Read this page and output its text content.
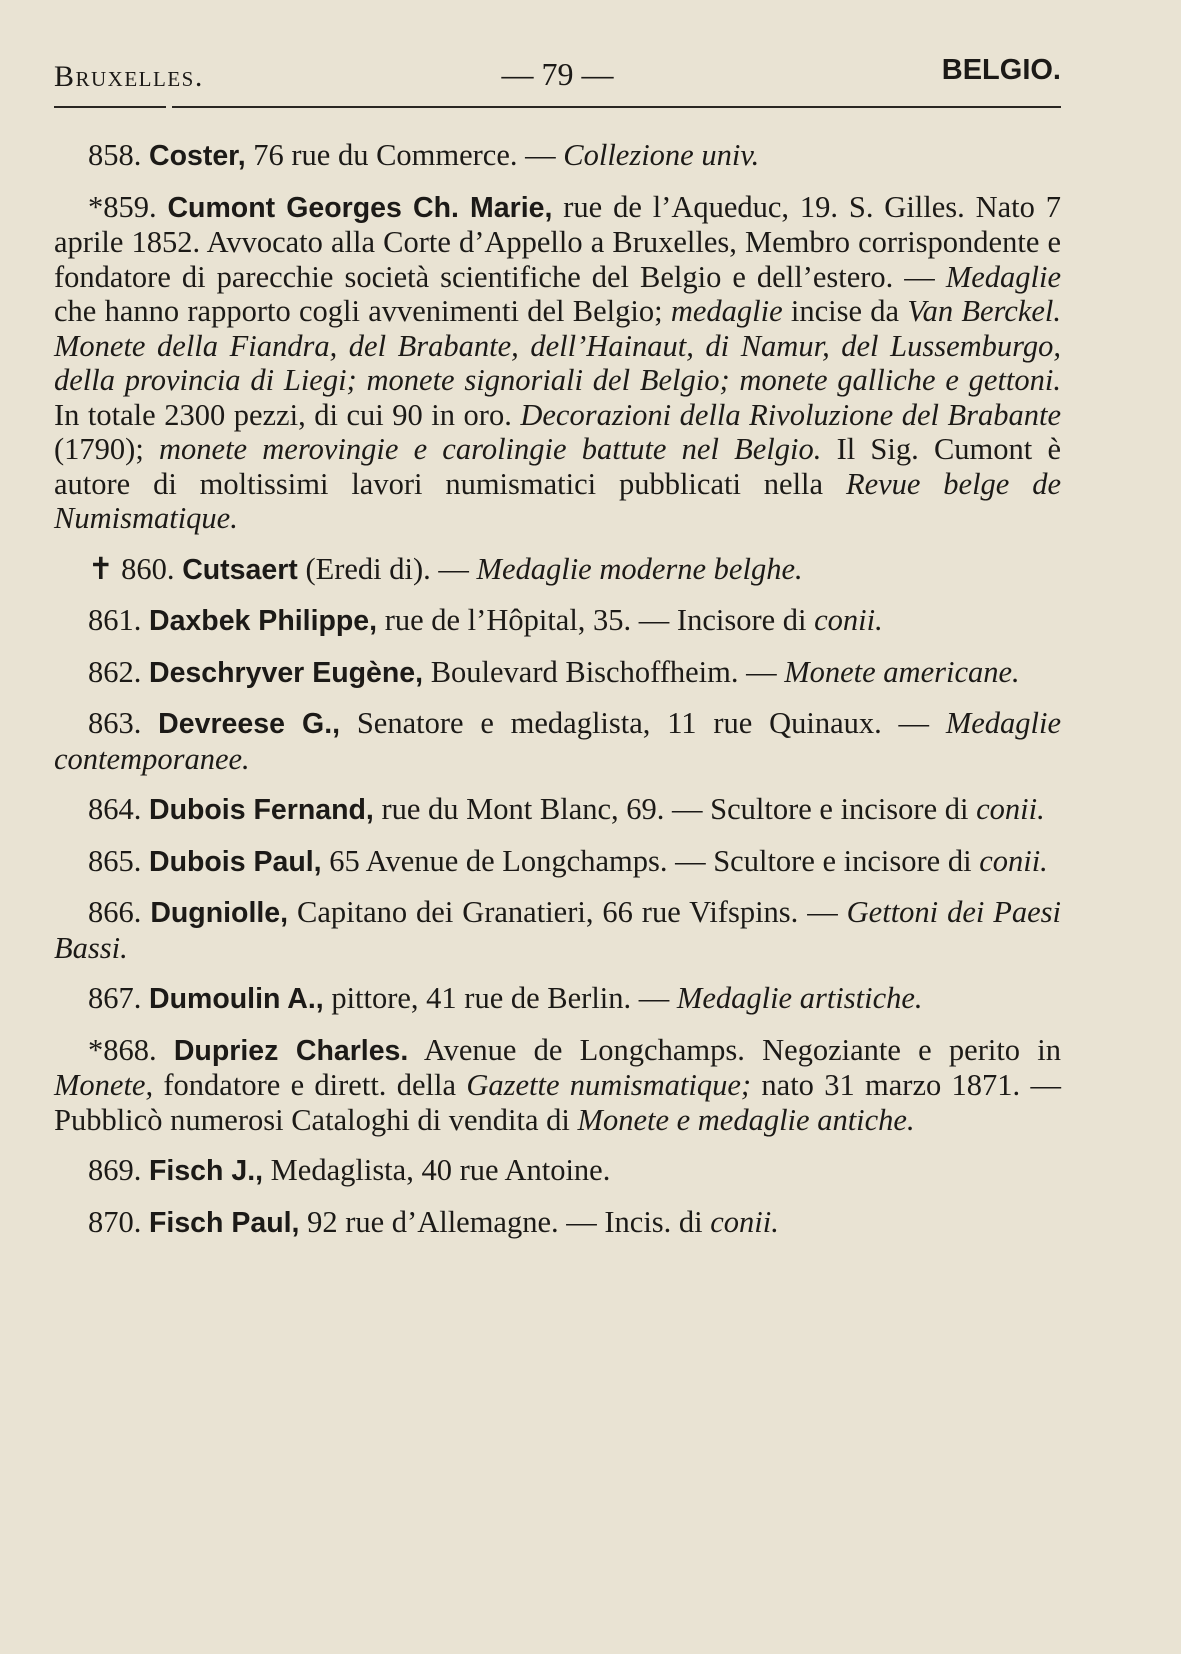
Bruxelles.	— 79 —	BELGIO.

858. Coster, 76 rue du Commerce. — Collezione univ.

*859. Cumont Georges Ch. Marie, rue de l’Aqueduc, 19. S. Gilles. Nato 7 aprile 1852. Avvocato alla Corte d’Appello a Bruxelles, Membro corrispondente e fondatore di parecchie società scientifiche del Belgio e dell’estero. — Medaglie che hanno rapporto cogli avvenimenti del Belgio; medaglie incise da Van Berckel. Monete della Fiandra, del Brabante, dell’Hainaut, di Namur, del Lussemburgo, della provincia di Liegi; monete signoriali del Belgio; monete galliche e gettoni. In totale 2300 pezzi, di cui 90 in oro. Decorazioni della Rivoluzione del Brabante (1790); monete merovingie e carolingie battute nel Belgio. Il Sig. Cumont è autore di moltissimi lavori numismatici pubblicati nella Revue belge de Numismatique.

✝ 860. Cutsaert (Eredi di). — Medaglie moderne belghe.

861. Daxbek Philippe, rue de l’Hôpital, 35. — Incisore di conii.

862. Deschryver Eugène, Boulevard Bischoffheim. — Monete americane.

863. Devreese G., Senatore e medaglista, 11 rue Quinaux. — Medaglie contemporanee.

864. Dubois Fernand, rue du Mont Blanc, 69. — Scultore e incisore di conii.

865. Dubois Paul, 65 Avenue de Longchamps. — Scultore e incisore di conii.

866. Dugniolle, Capitano dei Granatieri, 66 rue Vifspins. — Gettoni dei Paesi Bassi.

867. Dumoulin A., pittore, 41 rue de Berlin. — Medaglie artistiche.

*868. Dupriez Charles. Avenue de Longchamps. Negoziante e perito in Monete, fondatore e dirett. della Gazette numismatique; nato 31 marzo 1871. — Pubblicò numerosi Cataloghi di vendita di Monete e medaglie antiche.

869. Fisch J., Medaglista, 40 rue Antoine.

870. Fisch Paul, 92 rue d’Allemagne. — Incis. di conii.
